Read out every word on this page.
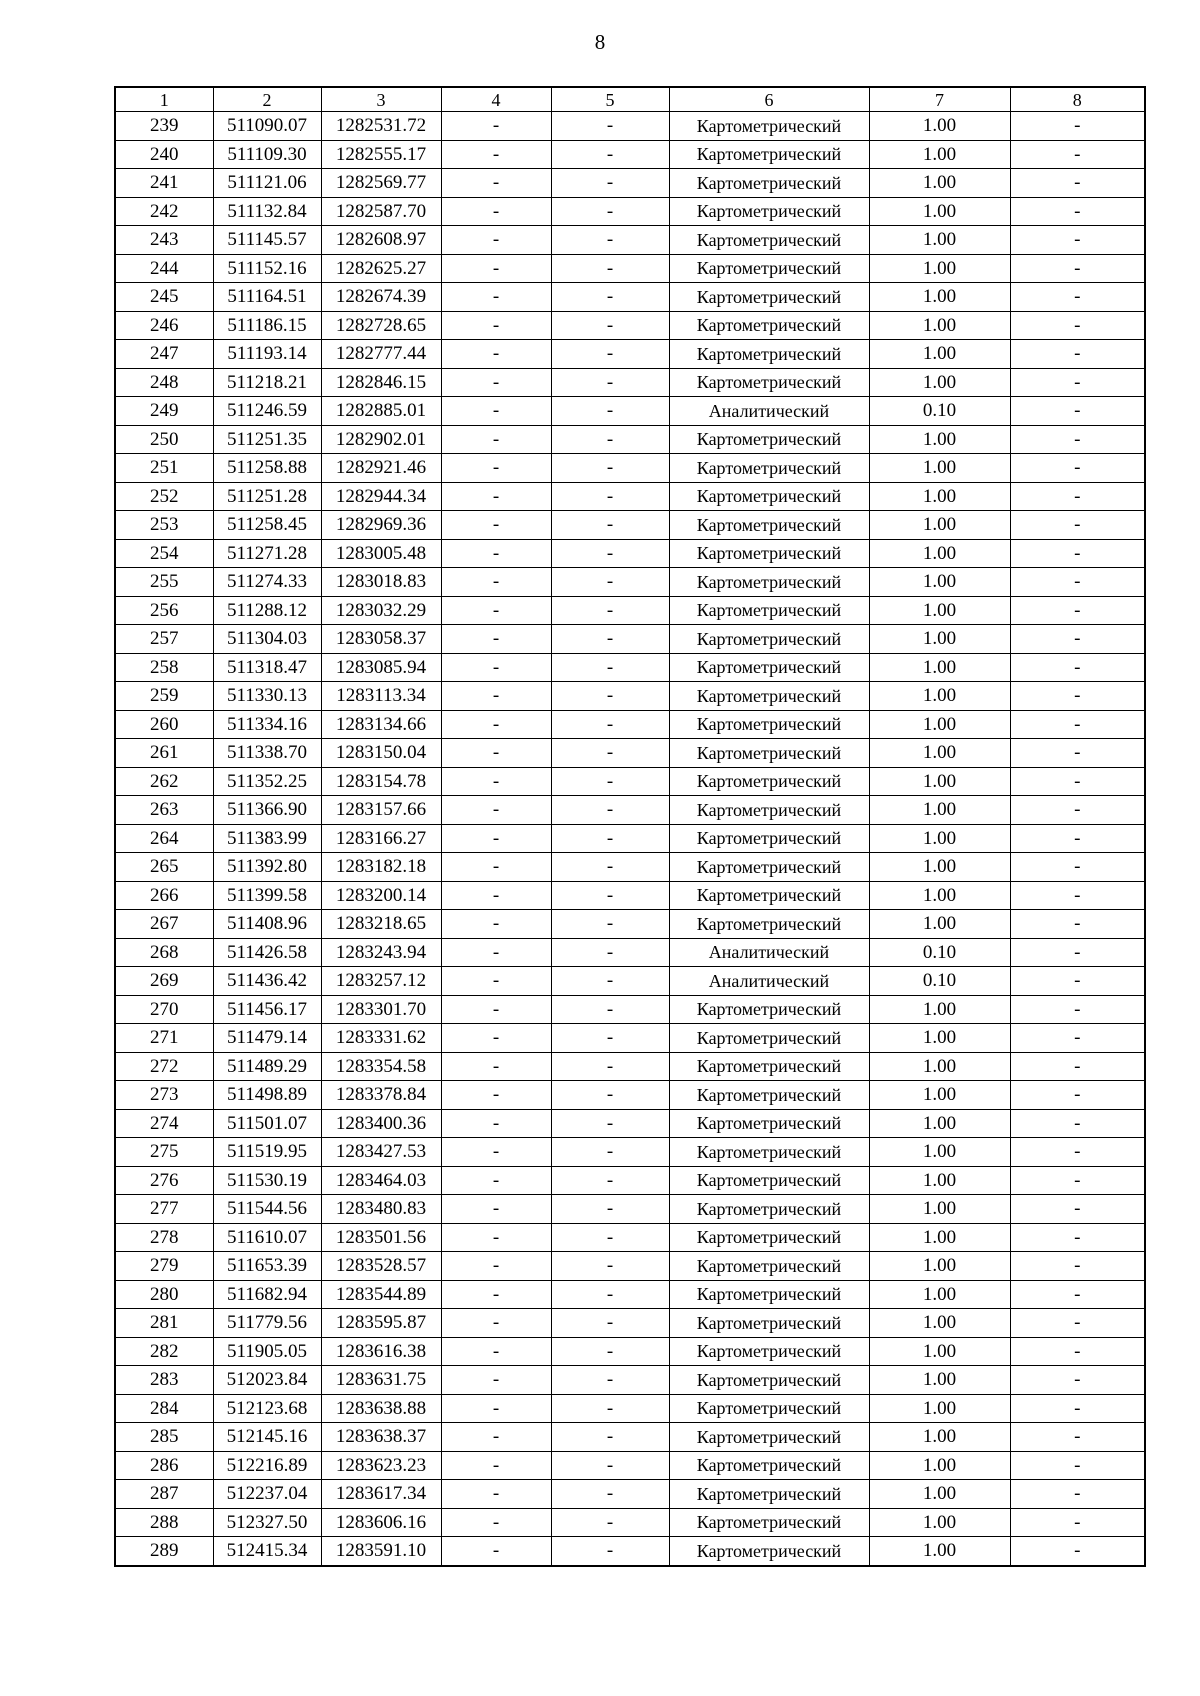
8
1	2	3	4	5	6	7	8
239	511090.07	1282531.72	-	-	Картометрический	1.00	-
240	511109.30	1282555.17	-	-	Картометрический	1.00	-
241	511121.06	1282569.77	-	-	Картометрический	1.00	-
242	511132.84	1282587.70	-	-	Картометрический	1.00	-
243	511145.57	1282608.97	-	-	Картометрический	1.00	-
244	511152.16	1282625.27	-	-	Картометрический	1.00	-
245	511164.51	1282674.39	-	-	Картометрический	1.00	-
246	511186.15	1282728.65	-	-	Картометрический	1.00	-
247	511193.14	1282777.44	-	-	Картометрический	1.00	-
248	511218.21	1282846.15	-	-	Картометрический	1.00	-
249	511246.59	1282885.01	-	-	Аналитический	0.10	-
250	511251.35	1282902.01	-	-	Картометрический	1.00	-
251	511258.88	1282921.46	-	-	Картометрический	1.00	-
252	511251.28	1282944.34	-	-	Картометрический	1.00	-
253	511258.45	1282969.36	-	-	Картометрический	1.00	-
254	511271.28	1283005.48	-	-	Картометрический	1.00	-
255	511274.33	1283018.83	-	-	Картометрический	1.00	-
256	511288.12	1283032.29	-	-	Картометрический	1.00	-
257	511304.03	1283058.37	-	-	Картометрический	1.00	-
258	511318.47	1283085.94	-	-	Картометрический	1.00	-
259	511330.13	1283113.34	-	-	Картометрический	1.00	-
260	511334.16	1283134.66	-	-	Картометрический	1.00	-
261	511338.70	1283150.04	-	-	Картометрический	1.00	-
262	511352.25	1283154.78	-	-	Картометрический	1.00	-
263	511366.90	1283157.66	-	-	Картометрический	1.00	-
264	511383.99	1283166.27	-	-	Картометрический	1.00	-
265	511392.80	1283182.18	-	-	Картометрический	1.00	-
266	511399.58	1283200.14	-	-	Картометрический	1.00	-
267	511408.96	1283218.65	-	-	Картометрический	1.00	-
268	511426.58	1283243.94	-	-	Аналитический	0.10	-
269	511436.42	1283257.12	-	-	Аналитический	0.10	-
270	511456.17	1283301.70	-	-	Картометрический	1.00	-
271	511479.14	1283331.62	-	-	Картометрический	1.00	-
272	511489.29	1283354.58	-	-	Картометрический	1.00	-
273	511498.89	1283378.84	-	-	Картометрический	1.00	-
274	511501.07	1283400.36	-	-	Картометрический	1.00	-
275	511519.95	1283427.53	-	-	Картометрический	1.00	-
276	511530.19	1283464.03	-	-	Картометрический	1.00	-
277	511544.56	1283480.83	-	-	Картометрический	1.00	-
278	511610.07	1283501.56	-	-	Картометрический	1.00	-
279	511653.39	1283528.57	-	-	Картометрический	1.00	-
280	511682.94	1283544.89	-	-	Картометрический	1.00	-
281	511779.56	1283595.87	-	-	Картометрический	1.00	-
282	511905.05	1283616.38	-	-	Картометрический	1.00	-
283	512023.84	1283631.75	-	-	Картометрический	1.00	-
284	512123.68	1283638.88	-	-	Картометрический	1.00	-
285	512145.16	1283638.37	-	-	Картометрический	1.00	-
286	512216.89	1283623.23	-	-	Картометрический	1.00	-
287	512237.04	1283617.34	-	-	Картометрический	1.00	-
288	512327.50	1283606.16	-	-	Картометрический	1.00	-
289	512415.34	1283591.10	-	-	Картометрический	1.00	-
